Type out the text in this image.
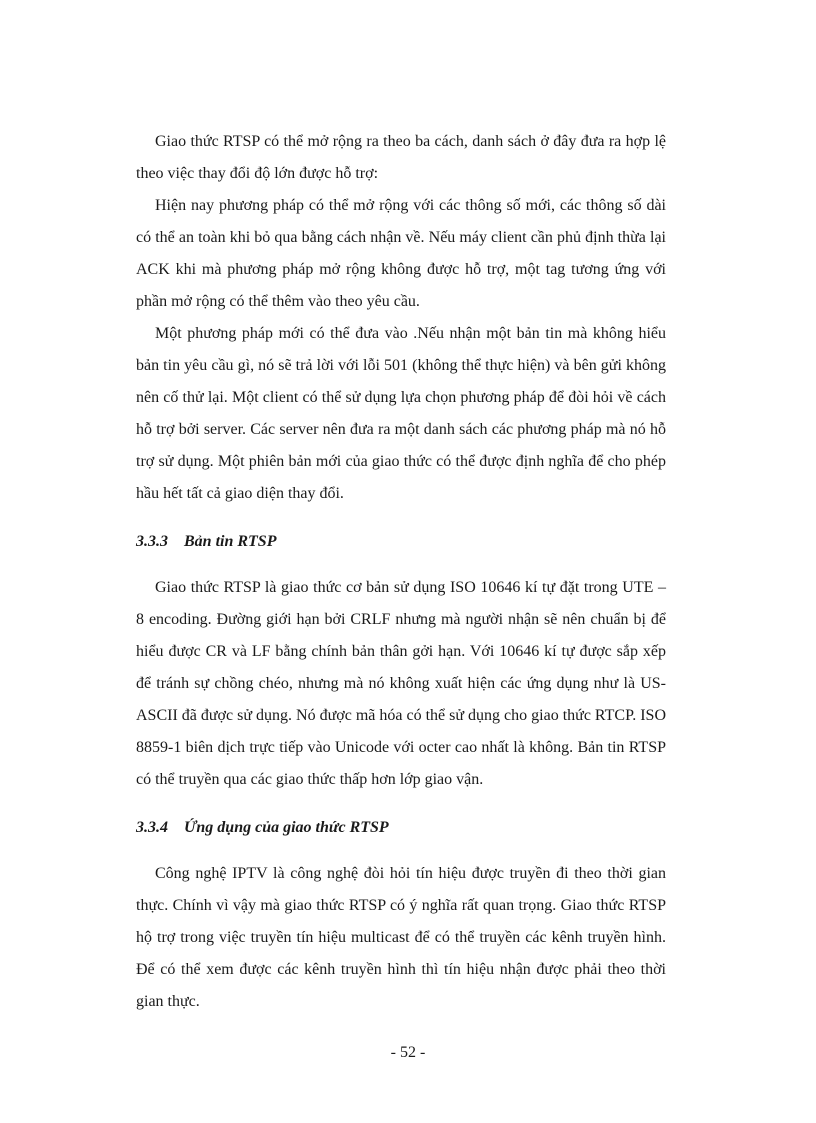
Giao thức RTSP có thể mở rộng ra theo ba cách, danh sách ở đây đưa ra hợp lệ theo việc thay đổi độ lớn được hỗ trợ:

Hiện nay phương pháp có thể mở rộng với các thông số mới, các thông số dài có thể an toàn khi bỏ qua bằng cách nhận về. Nếu máy client cần phủ định thừa lại ACK khi mà phương pháp mở rộng không được hỗ trợ, một tag tương ứng với phần mở rộng có thể thêm vào theo yêu cầu.

Một phương pháp mới có thể đưa vào .Nếu nhận một bản tin mà không hiểu bản tin yêu cầu gì, nó sẽ trả lời với lỗi 501 (không thể thực hiện) và bên gửi không nên cố thử lại. Một client có thể sử dụng lựa chọn phương pháp để đòi hỏi về cách hỗ trợ bởi server. Các server nên đưa ra một danh sách các phương pháp mà nó hỗ trợ sử dụng. Một phiên bản mới của giao thức có thể được định nghĩa để cho phép hầu hết tất cả giao diện thay đổi.

3.3.3 Bản tin RTSP

Giao thức RTSP là giao thức cơ bản sử dụng ISO 10646 kí tự đặt trong UTE – 8 encoding. Đường giới hạn bởi CRLF nhưng mà người nhận sẽ nên chuẩn bị để hiểu được CR và LF bằng chính bản thân gởi hạn. Với 10646 kí tự được sắp xếp để tránh sự chồng chéo, nhưng mà nó không xuất hiện các ứng dụng như là US-ASCII đã được sử dụng. Nó được mã hóa có thể sử dụng cho giao thức RTCP. ISO 8859-1 biên dịch trực tiếp vào Unicode với octer cao nhất là không. Bản tin RTSP có thể truyền qua các giao thức thấp hơn lớp giao vận.

3.3.4 Ứng dụng của giao thức RTSP

Công nghệ IPTV là công nghệ đòi hỏi tín hiệu được truyền đi theo thời gian thực. Chính vì vậy mà giao thức RTSP có ý nghĩa rất quan trọng. Giao thức RTSP hộ trợ trong việc truyền tín hiệu multicast để có thể truyền các kênh truyền hình. Để có thể xem được các kênh truyền hình thì tín hiệu nhận được phải theo thời gian thực.

- 52 -
